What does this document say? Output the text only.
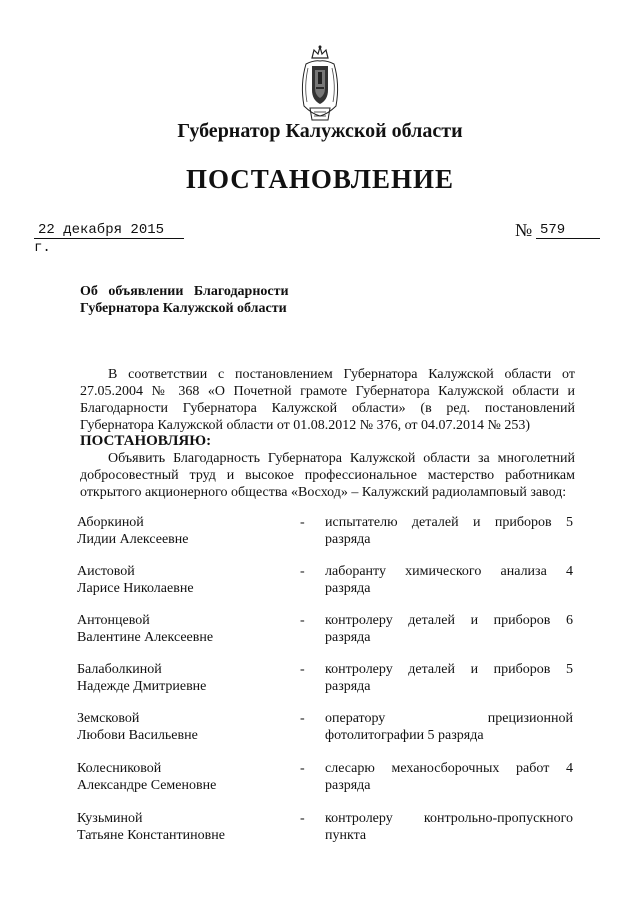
Губернатор Калужской области
ПОСТАНОВЛЕНИЕ
22 декабря 2015 г.
№ 579
Об   объявлении   Благодарности
Губернатора Калужской области

В соответствии с постановлением Губернатора Калужской области от 27.05.2004 № 368 «О Почетной грамоте Губернатора Калужской области и Благодарности Губернатора Калужской области» (в ред. постановлений Губернатора Калужской области от 01.08.2012 № 376, от 04.07.2014 № 253)

ПОСТАНОВЛЯЮ:
Объявить Благодарность Губернатора Калужской области за многолетний добросовестный труд и высокое профессиональное мастерство работникам открытого акционерного общества «Восход» – Калужский радиоламповый завод:
Аборкиной
Лидии Алексеевне
- испытателю деталей и приборов 5 разряда
Аистовой
Ларисе Николаевне
- лаборанту химического анализа 4 разряда
Антонцевой
Валентине Алексеевне
- контролеру деталей и приборов 6 разряда
Балаболкиной
Надежде Дмитриевне
- контролеру деталей и приборов 5 разряда
Земсковой
Любови Васильевне
- оператору прецизионной фотолитографии 5 разряда
Колесниковой
Александре Семеновне
- слесарю механосборочных работ 4 разряда
Кузьминой
Татьяне Константиновне
- контролеру контрольно-пропускного пункта
